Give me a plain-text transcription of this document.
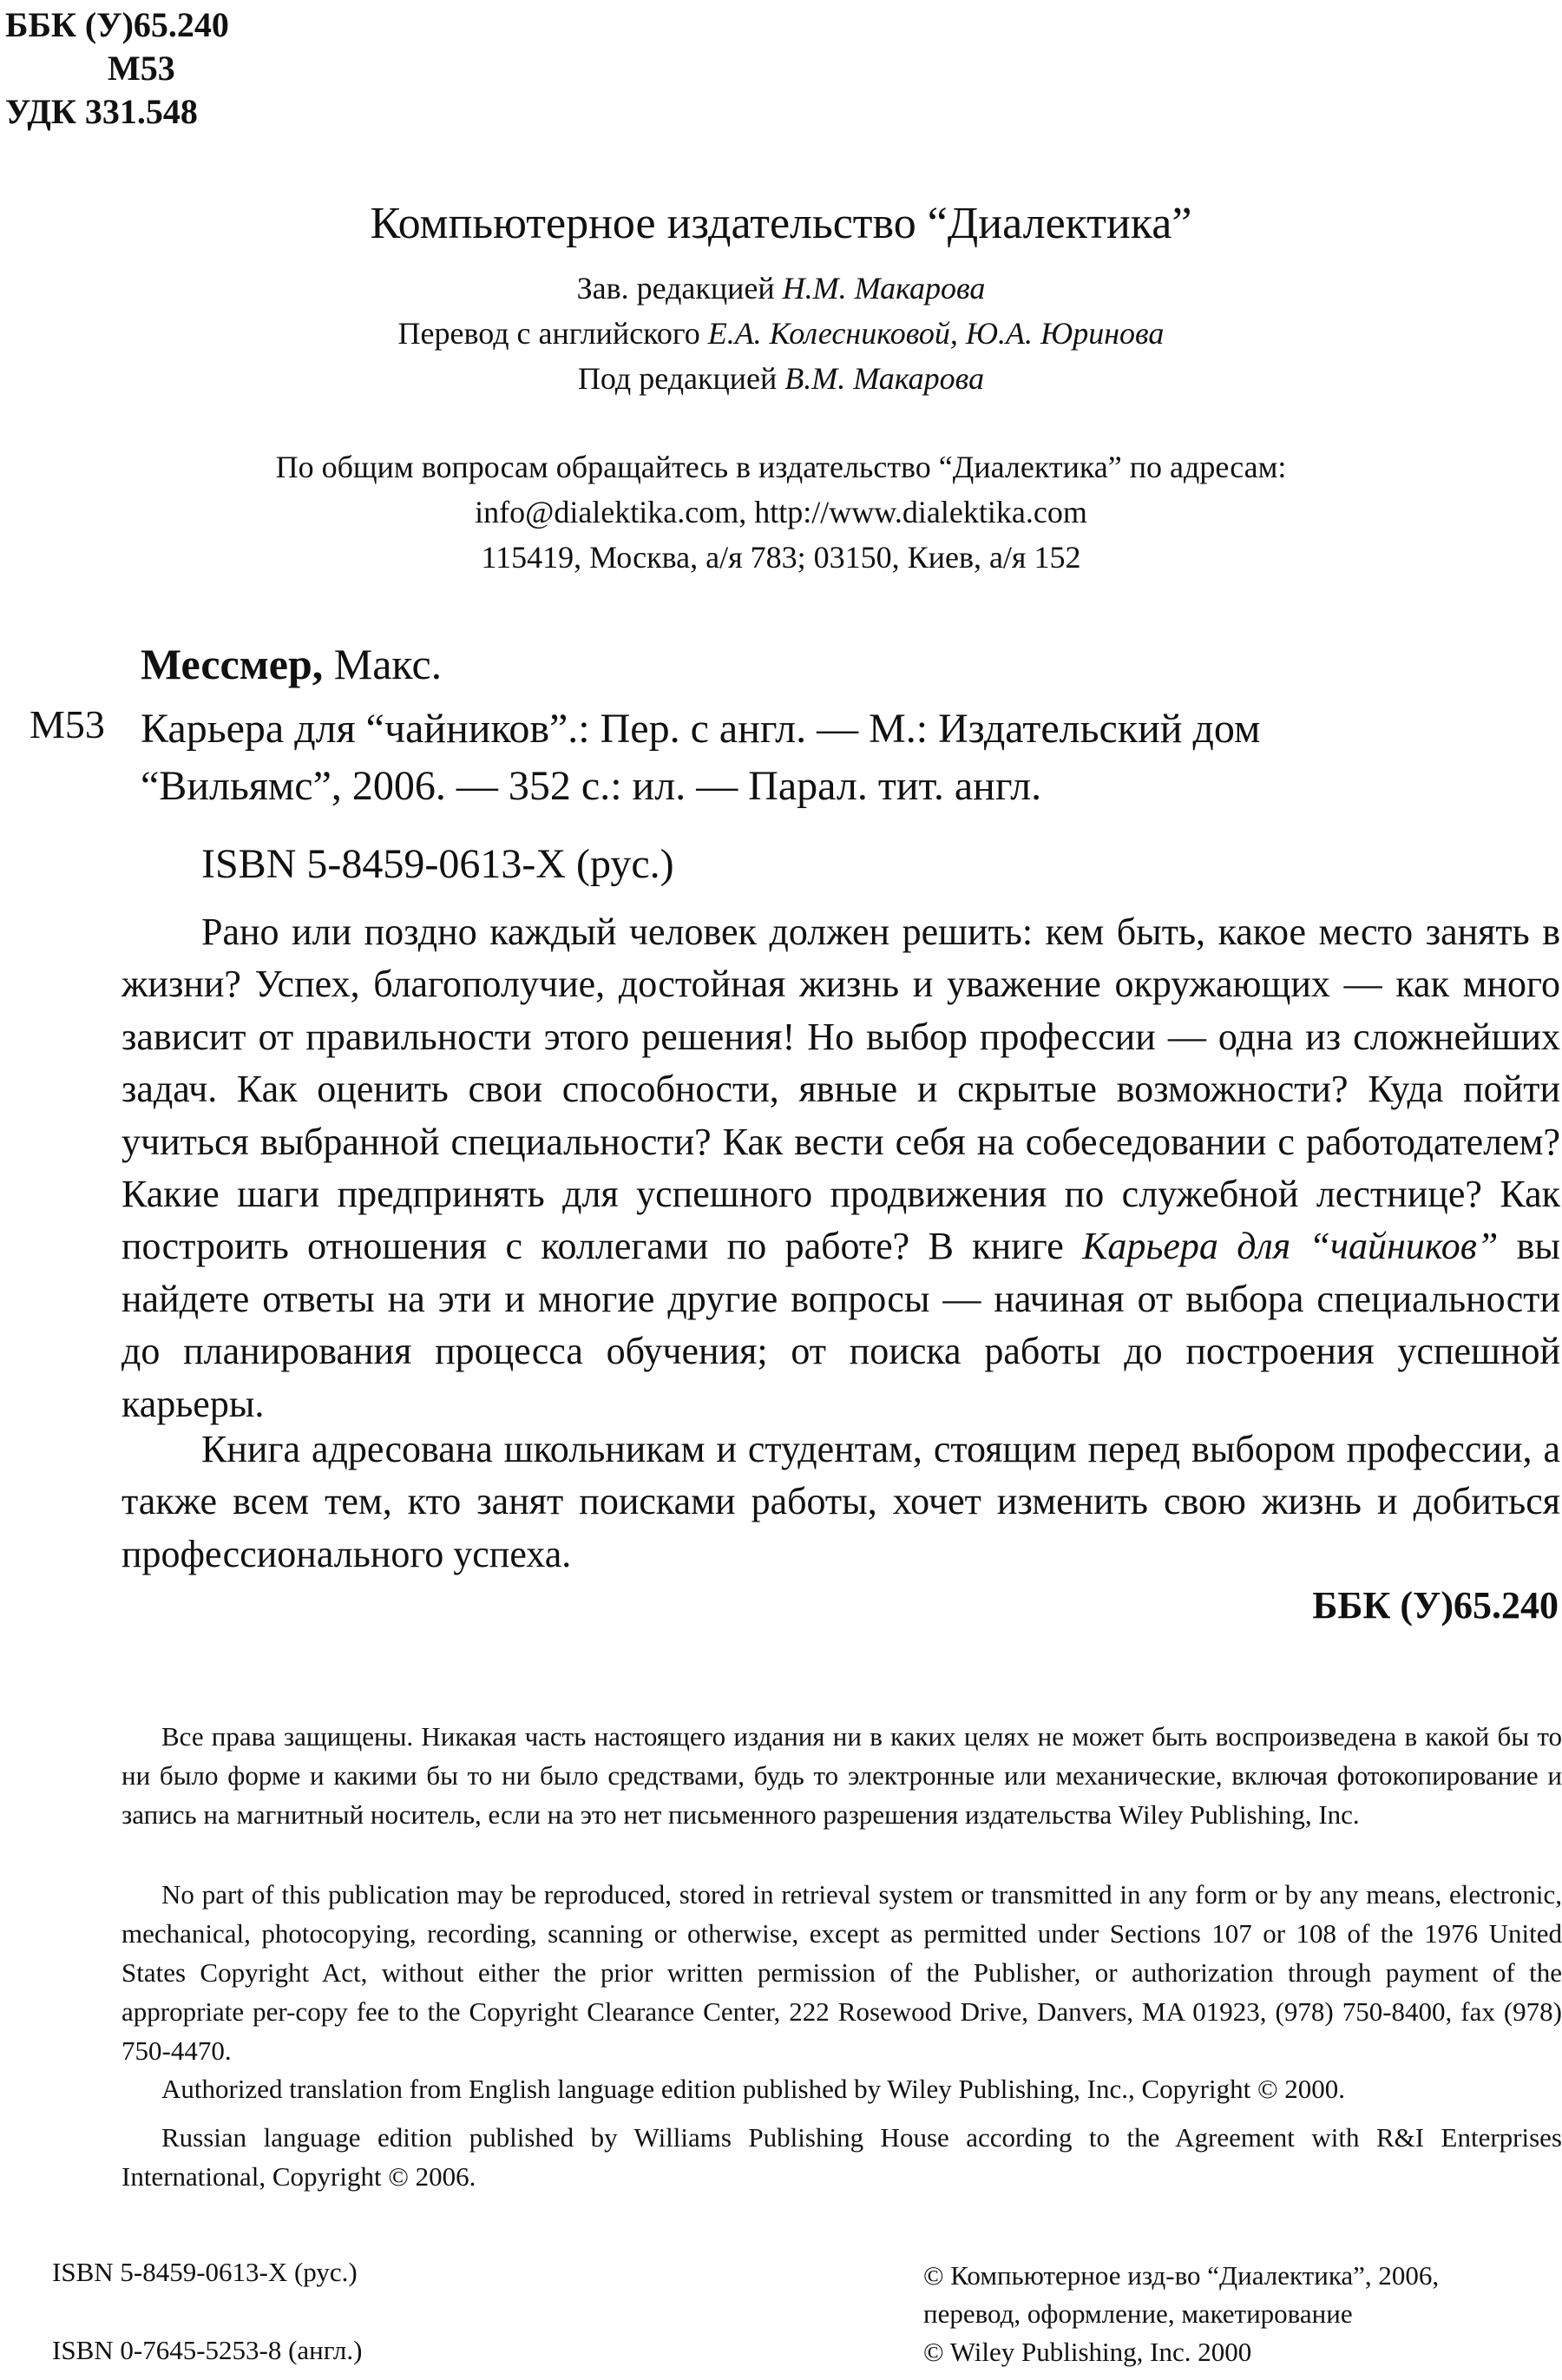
ББК (У)65.240
М53
УДК 331.548
Компьютерное издательство “Диалектика”
Зав. редакцией Н.М. Макарова
Перевод с английского Е.А. Колесниковой, Ю.А. Юринова
Под редакцией В.М. Макарова
По общим вопросам обращайтесь в издательство “Диалектика” по адресам:
info@dialektika.com, http://www.dialektika.com
115419, Москва, а/я 783; 03150, Киев, а/я 152
Мессмер, Макс.
М53 Карьера для “чайников”.: Пер. с англ. — М.: Издательский дом
“Вильямс”, 2006. — 352 с.: ил. — Парал. тит. англ.
ISBN 5-8459-0613-X (рус.)

Рано или поздно каждый человек должен решить: кем быть, какое место занять в жизни? Успех, благополучие, достойная жизнь и уважение окружающих — как много зависит от правильности этого решения! Но выбор профессии — одна из сложнейших задач. Как оценить свои способности, явные и скрытые возможности? Куда пойти учиться выбранной специальности? Как вести себя на собеседовании с работодателем? Какие шаги предпринять для успешного продвижения по служебной лестнице? Как построить отношения с коллегами по работе? В книге Карьера для “чайников” вы найдете ответы на эти и многие другие вопросы — начиная от выбора специальности до планирования процесса обучения; от поиска работы до построения успешной карьеры.

Книга адресована школьникам и студентам, стоящим перед выбором профессии, а также всем тем, кто занят поисками работы, хочет изменить свою жизнь и добиться профессионального успеха.

ББК (У)65.240

Все права защищены. Никакая часть настоящего издания ни в каких целях не может быть воспроизведена в какой бы то ни было форме и какими бы то ни было средствами, будь то электронные или механические, включая фотокопирование и запись на магнитный носитель, если на это нет письменного разрешения издательства Wiley Publishing, Inc.

No part of this publication may be reproduced, stored in retrieval system or transmitted in any form or by any means, electronic, mechanical, photocopying, recording, scanning or otherwise, except as permitted under Sections 107 or 108 of the 1976 United States Copyright Act, without either the prior written permission of the Publisher, or authorization through payment of the appropriate per-copy fee to the Copyright Clearance Center, 222 Rosewood Drive, Danvers, MA 01923, (978) 750-8400, fax (978) 750-4470.

Authorized translation from English language edition published by Wiley Publishing, Inc., Copyright © 2000.

Russian language edition published by Williams Publishing House according to the Agreement with R&I Enterprises International, Copyright © 2006.

ISBN 5-8459-0613-X (рус.)
ISBN 0-7645-5253-8 (англ.)
© Компьютерное изд-во “Диалектика”, 2006,
перевод, оформление, макетирование
© Wiley Publishing, Inc. 2000
